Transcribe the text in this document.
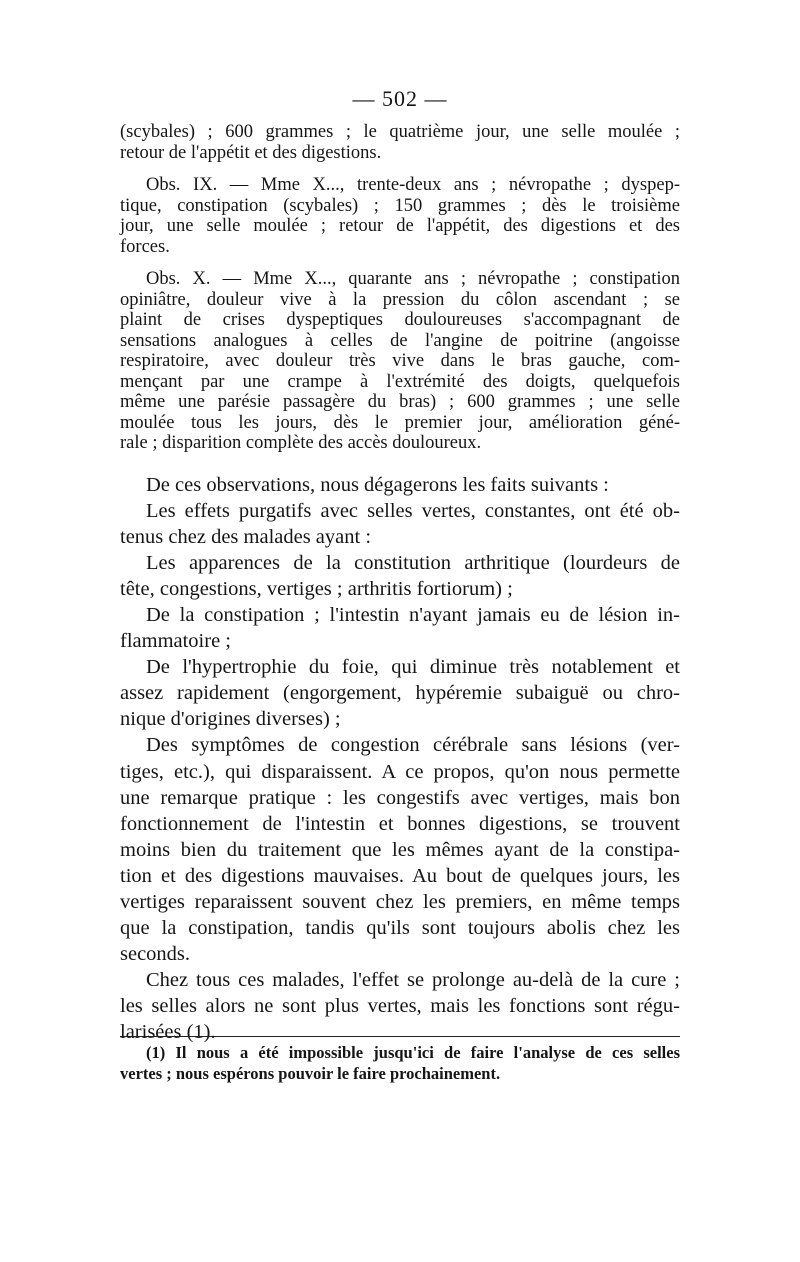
— 502 —
(scybales) ; 600 grammes ; le quatrième jour, une selle moulée ;
retour de l'appétit et des digestions.
Obs. IX. — Mme X..., trente-deux ans ; névropathe ; dyspep-
tique, constipation (scybales) ; 150 grammes ; dès le troisième
jour, une selle moulée ; retour de l'appétit, des digestions et des
forces.
Obs. X. — Mme X..., quarante ans ; névropathe ; constipation
opiniâtre, douleur vive à la pression du côlon ascendant ; se
plaint de crises dyspeptiques douloureuses s'accompagnant de
sensations analogues à celles de l'angine de poitrine (angoisse
respiratoire, avec douleur très vive dans le bras gauche, com-
mençant par une crampe à l'extrémité des doigts, quelquefois
même une parésie passagère du bras) ; 600 grammes ; une selle
moulée tous les jours, dès le premier jour, amélioration géné-
rale ; disparition complète des accès douloureux.
De ces observations, nous dégagerons les faits suivants :
Les effets purgatifs avec selles vertes, constantes, ont été ob-
tenus chez des malades ayant :
Les apparences de la constitution arthritique (lourdeurs de
tête, congestions, vertiges ; arthritis fortiorum) ;
De la constipation ; l'intestin n'ayant jamais eu de lésion in-
flammatoire ;
De l'hypertrophie du foie, qui diminue très notablement et
assez rapidement (engorgement, hypéremie subaiguë ou chro-
nique d'origines diverses) ;
Des symptômes de congestion cérébrale sans lésions (ver-
tiges, etc.), qui disparaissent. A ce propos, qu'on nous permette
une remarque pratique : les congestifs avec vertiges, mais bon
fonctionnement de l'intestin et bonnes digestions, se trouvent
moins bien du traitement que les mêmes ayant de la constipa-
tion et des digestions mauvaises. Au bout de quelques jours, les
vertiges reparaissent souvent chez les premiers, en même temps
que la constipation, tandis qu'ils sont toujours abolis chez les
seconds.
Chez tous ces malades, l'effet se prolonge au-delà de la cure ;
les selles alors ne sont plus vertes, mais les fonctions sont régu-
larisées (1).
(1) Il nous a été impossible jusqu'ici de faire l'analyse de ces selles
vertes ; nous espérons pouvoir le faire prochainement.
